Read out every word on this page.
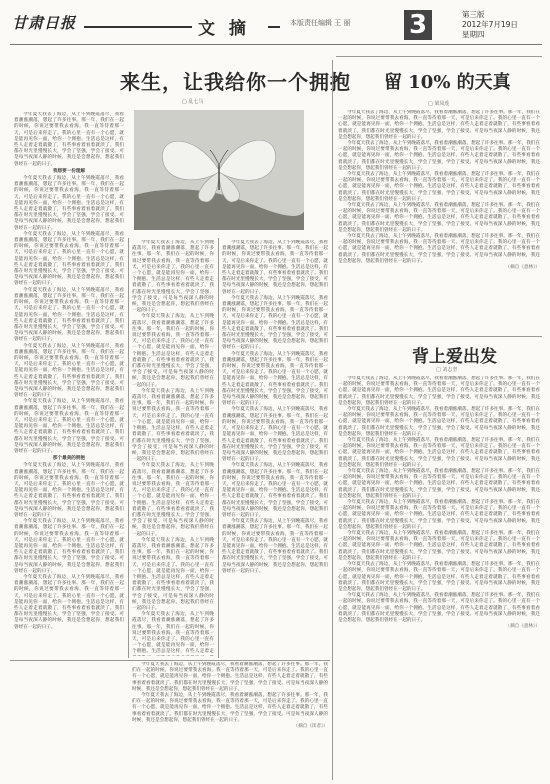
甘肃日报	文 摘	本版责任编辑 王 丽 3	第三版
2012年7月19日
星期四
来生，让我给你一个拥抱
□ 乱七马

今年夏天我去了海边，从上午到晚霞落尽，我看着潮涨潮落，想起了许多往事。那一年，我们在一起的时候，你说过要带我去看海，我一直等待着那一天，可是后来你走了。我的心里一直有一个心愿，就是能再见你一面，给你一个拥抱。生活总是这样，有些人走着走着就散了，有些事看着看着就淡了。我们都在时光里慢慢长大，学会了坚强，学会了接受。可是每当夜深人静的时候，我还是会想起你，想起我们曾经在一起的日子。

我想要一份理解

今年夏天我去了海边，从上午到晚霞落尽，我看着潮涨潮落，想起了许多往事。那一年，我们在一起的时候，你说过要带我去看海，我一直等待着那一天，可是后来你走了。我的心里一直有一个心愿，就是能再见你一面，给你一个拥抱。生活总是这样，有些人走着走着就散了，有些事看着看着就淡了。我们都在时光里慢慢长大，学会了坚强，学会了接受。可是每当夜深人静的时候，我还是会想起你，想起我们曾经在一起的日子。

今年夏天我去了海边，从上午到晚霞落尽，我看着潮涨潮落，想起了许多往事。那一年，我们在一起的时候，你说过要带我去看海，我一直等待着那一天，可是后来你走了。我的心里一直有一个心愿，就是能再见你一面，给你一个拥抱。生活总是这样，有些人走着走着就散了，有些事看着看着就淡了。我们都在时光里慢慢长大，学会了坚强，学会了接受。可是每当夜深人静的时候，我还是会想起你，想起我们曾经在一起的日子。

今年夏天我去了海边，从上午到晚霞落尽，我看着潮涨潮落，想起了许多往事。那一年，我们在一起的时候，你说过要带我去看海，我一直等待着那一天，可是后来你走了。我的心里一直有一个心愿，就是能再见你一面，给你一个拥抱。生活总是这样，有些人走着走着就散了，有些事看着看着就淡了。我们都在时光里慢慢长大，学会了坚强，学会了接受。可是每当夜深人静的时候，我还是会想起你，想起我们曾经在一起的日子。

今年夏天我去了海边，从上午到晚霞落尽，我看着潮涨潮落，想起了许多往事。那一年，我们在一起的时候，你说过要带我去看海，我一直等待着那一天，可是后来你走了。我的心里一直有一个心愿，就是能再见你一面，给你一个拥抱。生活总是这样，有些人走着走着就散了，有些事看着看着就淡了。我们都在时光里慢慢长大，学会了坚强，学会了接受。可是每当夜深人静的时候，我还是会想起你，想起我们曾经在一起的日子。

今年夏天我去了海边，从上午到晚霞落尽，我看着潮涨潮落，想起了许多往事。那一年，我们在一起的时候，你说过要带我去看海，我一直等待着那一天，可是后来你走了。我的心里一直有一个心愿，就是能再见你一面，给你一个拥抱。生活总是这样，有些人走着走着就散了，有些事看着看着就淡了。我们都在时光里慢慢长大，学会了坚强，学会了接受。可是每当夜深人静的时候，我还是会想起你，想起我们曾经在一起的日子。

那个最美的拥抱

今年夏天我去了海边，从上午到晚霞落尽，我看着潮涨潮落，想起了许多往事。那一年，我们在一起的时候，你说过要带我去看海，我一直等待着那一天，可是后来你走了。我的心里一直有一个心愿，就是能再见你一面，给你一个拥抱。生活总是这样，有些人走着走着就散了，有些事看着看着就淡了。我们都在时光里慢慢长大，学会了坚强，学会了接受。可是每当夜深人静的时候，我还是会想起你，想起我们曾经在一起的日子。

今年夏天我去了海边，从上午到晚霞落尽，我看着潮涨潮落，想起了许多往事。那一年，我们在一起的时候，你说过要带我去看海，我一直等待着那一天，可是后来你走了。我的心里一直有一个心愿，就是能再见你一面，给你一个拥抱。生活总是这样，有些人走着走着就散了，有些事看着看着就淡了。我们都在时光里慢慢长大，学会了坚强，学会了接受。可是每当夜深人静的时候，我还是会想起你，想起我们曾经在一起的日子。

今年夏天我去了海边，从上午到晚霞落尽，我看着潮涨潮落，想起了许多往事。那一年，我们在一起的时候，你说过要带我去看海，我一直等待着那一天，可是后来你走了。我的心里一直有一个心愿，就是能再见你一面，给你一个拥抱。生活总是这样，有些人走着走着就散了，有些事看着看着就淡了。我们都在时光里慢慢长大，学会了坚强，学会了接受。可是每当夜深人静的时候，我还是会想起你，想起我们曾经在一起的日子。

今年夏天我去了海边，从上午到晚霞落尽，我看着潮涨潮落，想起了许多往事。那一年，我们在一起的时候，你说过要带我去看海，我一直等待着那一天，可是后来你走了。我的心里一直有一个心愿，就是能再见你一面，给你一个拥抱。生活总是这样，有些人走着走着就散了，有些事看着看着就淡了。我们都在时光里慢慢长大，学会了坚强，学会了接受。可是每当夜深人静的时候，我还是会想起你，想起我们曾经在一起的日子。

今年夏天我去了海边，从上午到晚霞落尽，我看着潮涨潮落，想起了许多往事。那一年，我们在一起的时候，你说过要带我去看海，我一直等待着那一天，可是后来你走了。我的心里一直有一个心愿，就是能再见你一面，给你一个拥抱。生活总是这样，有些人走着走着就散了，有些事看着看着就淡了。我们都在时光里慢慢长大，学会了坚强，学会了接受。可是每当夜深人静的时候，我还是会想起你，想起我们曾经在一起的日子。

今年夏天我去了海边，从上午到晚霞落尽，我看着潮涨潮落，想起了许多往事。那一年，我们在一起的时候，你说过要带我去看海，我一直等待着那一天，可是后来你走了。我的心里一直有一个心愿，就是能再见你一面，给你一个拥抱。生活总是这样，有些人走着走着就散了，有些事看着看着就淡了。我们都在时光里慢慢长大，学会了坚强，学会了接受。可是每当夜深人静的时候，我还是会想起你，想起我们曾经在一起的日子。

今年夏天我去了海边，从上午到晚霞落尽，我看着潮涨潮落，想起了许多往事。那一年，我们在一起的时候，你说过要带我去看海，我一直等待着那一天，可是后来你走了。我的心里一直有一个心愿，就是能再见你一面，给你一个拥抱。生活总是这样，有些人走着走着就散了，有些事看着看着就淡了。我们都在时光里慢慢长大，学会了坚强，学会了接受。可是每当夜深人静的时候，我还是会想起你，想起我们曾经在一起的日子。

今年夏天我去了海边，从上午到晚霞落尽，我看着潮涨潮落，想起了许多往事。那一年，我们在一起的时候，你说过要带我去看海，我一直等待着那一天，可是后来你走了。我的心里一直有一个心愿，就是能再见你一面，给你一个拥抱。生活总是这样，有些人走着走着就散了，有些事看着看着就淡了。我们都在时光里慢慢长大，学会了坚强，学会了接受。可是每当夜深人静的时候，我还是会想起你，想起我们曾经在一起的日子。

今年夏天我去了海边，从上午到晚霞落尽，我看着潮涨潮落，想起了许多往事。那一年，我们在一起的时候，你说过要带我去看海，我一直等待着那一天，可是后来你走了。我的心里一直有一个心愿，就是能再见你一面，给你一个拥抱。生活总是这样，有些人走着走

今年夏天我去了海边，从上午到晚霞落尽，我看着潮涨潮落，想起了许多往事。那一年，我们在一起的时候，你说过要带我去看海，我一直等待着那一天，可是后来你走了。我的心里一直有一个心愿，就是能再见你一面，给你一个拥抱。生活总是这样，有些人走着走着就散了，有些事看着看着就淡了。我们都在时光里慢慢长大，学会了坚强，学会了接受。可是每当夜深人静的时候，我还是会想起你，想起我们曾经在一起的日子。

今年夏天我去了海边，从上午到晚霞落尽，我看着潮涨潮落，想起了许多往事。那一年，我们在一起的时候，你说过要带我去看海，我一直等待着那一天，可是后来你走了。我的心里一直有一个心愿，就是能再见你一面，给你一个拥抱。生活总是这样，有些人走着走着就散了，有些事看着看着就淡了。我们都在时光里慢慢长大，学会了坚强，学会了接受。可是每当夜深人静的时候，我还是会想起你，想起我们曾经在一起的日子。

今年夏天我去了海边，从上午到晚霞落尽，我看着潮涨潮落，想起了许多往事。那一年，我们在一起的时候，你说过要带我去看海，我一直等待着那一天，可是后来你走了。我的心里一直有一个心愿，就是能再见你一面，给你一个拥抱。生活总是这样，有些人走着走着就散了，有些事看着看着就淡了。我们都在时光里慢慢长大，学会了坚强，学会了接受。可是每当夜深人静的时候，我还是会想起你，想起我们曾经在一起的日子。

今年夏天我去了海边，从上午到晚霞落尽，我看着潮涨潮落，想起了许多往事。那一年，我们在一起的时候，你说过要带我去看海，我一直等待着那一天，可是后来你走了。我的心里一直有一个心愿，就是能再见你一面，给你一个拥抱。生活总是这样，有些人走着走着就散了，有些事看着看着就淡了。我们都在时光里慢慢长大，学会了坚强，学会了接受。可是每当夜深人静的时候，我还是会想起你，想起我们曾经在一起的日子。

今年夏天我去了海边，从上午到晚霞落尽，我看着潮涨潮落，想起了许多往事。那一年，我们在一起的时候，你说过要带我去看海，我一直等待着那一天，可是后来你走了。我的心里一直有一个心愿，就是能再见你一面，给你一个拥抱。生活总是这样，有些人走着走着就散了，有些事看着看着就淡了。我们都在时光里慢慢长大，学会了坚强，学会了接受。可是每当夜深人静的时候，我还是会想起你，想起我们曾经在一起的日子。

今年夏天我去了海边，从上午到晚霞落尽，我看着潮涨潮落，想起了许多往事。那一年，我们在一起的时候，你说过要带我去看海，我一直等待着那一天，可是后来你走了。我的心里一直有一个心愿，就是能再见你一面，给你一个拥抱。生活总是这样，有些人走着走着就散了，有些事看着看着就淡了。我们都在时光里慢慢长大，学会了坚强，学会了接受。可是每当夜深人静的时候，我还是会想起你，想起我们曾经在一起的日子。

今年夏天我去了海边，从上午到晚霞落尽，我看着潮涨潮落，想起了许多往事。那一年，我们在一起的时候，你说过要带我去看海，我一直等待着那一天，可是后来你走了。我的心里一直有一个心愿，就是能再见你一面，给你一个拥抱。生活总是这样，有些人走着走着就散了，有些事看着看着就淡了。我们都在时光里慢慢长大，学会了坚强，学会了接受。可是每当夜深人静的时候，我还是会想起你，想起我们曾经在一起的日子。

今年夏天我去了海边，从上午到晚霞落尽，我看着潮涨潮落，想起了许多往事。那一年，我们在一起的时候，你说过要带我去看海，我一直等待着那一天，可是后来你走了。我的心里一直有一个心愿，就是能再见你一面，给你一个拥抱。生活总是这样，有些人走着走着就散了，有些事看着看着就淡了。我们都在时光里慢慢长大，学会了坚强，学会了接受。可是每当夜深人静的时候，我还是会想起你，想起我们曾经在一起的日子。

（摘自《读者》）

留 10% 的天真
□ 梁凤莲

今年夏天我去了海边，从上午到晚霞落尽，我看着潮涨潮落，想起了许多往事。那一年，我们在一起的时候，你说过要带我去看海，我一直等待着那一天，可是后来你走了。我的心里一直有一个心愿，就是能再见你一面，给你一个拥抱。生活总是这样，有些人走着走着就散了，有些事看着看着就淡了。我们都在时光里慢慢长大，学会了坚强，学会了接受。可是每当夜深人静的时候，我还是会想起你，想起我们曾经在一起的日子。

今年夏天我去了海边，从上午到晚霞落尽，我看着潮涨潮落，想起了许多往事。那一年，我们在一起的时候，你说过要带我去看海，我一直等待着那一天，可是后来你走了。我的心里一直有一个心愿，就是能再见你一面，给你一个拥抱。生活总是这样，有些人走着走着就散了，有些事看着看着就淡了。我们都在时光里慢慢长大，学会了坚强，学会了接受。可是每当夜深人静的时候，我还是会想起你，想起我们曾经在一起的日子。

今年夏天我去了海边，从上午到晚霞落尽，我看着潮涨潮落，想起了许多往事。那一年，我们在一起的时候，你说过要带我去看海，我一直等待着那一天，可是后来你走了。我的心里一直有一个心愿，就是能再见你一面，给你一个拥抱。生活总是这样，有些人走着走着就散了，有些事看着看着就淡了。我们都在时光里慢慢长大，学会了坚强，学会了接受。可是每当夜深人静的时候，我还是会想起你，想起我们曾经在一起的日子。

今年夏天我去了海边，从上午到晚霞落尽，我看着潮涨潮落，想起了许多往事。那一年，我们在一起的时候，你说过要带我去看海，我一直等待着那一天，可是后来你走了。我的心里一直有一个心愿，就是能再见你一面，给你一个拥抱。生活总是这样，有些人走着走着就散了，有些事看着看着就淡了。我们都在时光里慢慢长大，学会了坚强，学会了接受。可是每当夜深人静的时候，我还是会想起你，想起我们曾经在一起的日子。

今年夏天我去了海边，从上午到晚霞落尽，我看着潮涨潮落，想起了许多往事。那一年，我们在一起的时候，你说过要带我去看海，我一直等待着那一天，可是后来你走了。我的心里一直有一个心愿，就是能再见你一面，给你一个拥抱。生活总是这样，有些人走着走着就散了，有些事看着看着就淡了。我们都在时光里慢慢长大，学会了坚强，学会了接受。可是每当夜深人静的时候，我还是会想起你，想起我们曾经在一起的日子。

（摘自《意林》）

背上爱出发
□ 刘志坚

今年夏天我去了海边，从上午到晚霞落尽，我看着潮涨潮落，想起了许多往事。那一年，我们在一起的时候，你说过要带我去看海，我一直等待着那一天，可是后来你走了。我的心里一直有一个心愿，就是能再见你一面，给你一个拥抱。生活总是这样，有些人走着走着就散了，有些事看着看着就淡了。我们都在时光里慢慢长大，学会了坚强，学会了接受。可是每当夜深人静的时候，我还是会想起你，想起我们曾经在一起的日子。

今年夏天我去了海边，从上午到晚霞落尽，我看着潮涨潮落，想起了许多往事。那一年，我们在一起的时候，你说过要带我去看海，我一直等待着那一天，可是后来你走了。我的心里一直有一个心愿，就是能再见你一面，给你一个拥抱。生活总是这样，有些人走着走着就散了，有些事看着看着就淡了。我们都在时光里慢慢长大，学会了坚强，学会了接受。可是每当夜深人静的时候，我还是会想起你，想起我们曾经在一起的日子。

今年夏天我去了海边，从上午到晚霞落尽，我看着潮涨潮落，想起了许多往事。那一年，我们在一起的时候，你说过要带我去看海，我一直等待着那一天，可是后来你走了。我的心里一直有一个心愿，就是能再见你一面，给你一个拥抱。生活总是这样，有些人走着走着就散了，有些事看着看着就淡了。我们都在时光里慢慢长大，学会了坚强，学会了接受。可是每当夜深人静的时候，我还是会想起你，想起我们曾经在一起的日子。

今年夏天我去了海边，从上午到晚霞落尽，我看着潮涨潮落，想起了许多往事。那一年，我们在一起的时候，你说过要带我去看海，我一直等待着那一天，可是后来你走了。我的心里一直有一个心愿，就是能再见你一面，给你一个拥抱。生活总是这样，有些人走着走着就散了，有些事看着看着就淡了。我们都在时光里慢慢长大，学会了坚强，学会了接受。可是每当夜深人静的时候，我还是会想起你，想起我们曾经在一起的日子。

今年夏天我去了海边，从上午到晚霞落尽，我看着潮涨潮落，想起了许多往事。那一年，我们在一起的时候，你说过要带我去看海，我一直等待着那一天，可是后来你走了。我的心里一直有一个心愿，就是能再见你一面，给你一个拥抱。生活总是这样，有些人走着走着就散了，有些事看着看着就淡了。我们都在时光里慢慢长大，学会了坚强，学会了接受。可是每当夜深人静的时候，我还是会想起你，想起我们曾经在一起的日子。

今年夏天我去了海边，从上午到晚霞落尽，我看着潮涨潮落，想起了许多往事。那一年，我们在一起的时候，你说过要带我去看海，我一直等待着那一天，可是后来你走了。我的心里一直有一个心愿，就是能再见你一面，给你一个拥抱。生活总是这样，有些人走着走着就散了，有些事看着看着就淡了。我们都在时光里慢慢长大，学会了坚强，学会了接受。可是每当夜深人静的时候，我还是会想起你，想起我们曾经在一起的日子。

今年夏天我去了海边，从上午到晚霞落尽，我看着潮涨潮落，想起了许多往事。那一年，我们在一起的时候，你说过要带我去看海，我一直等待着那一天，可是后来你走了。我的心里一直有一个心愿，就是能再见你一面，给你一个拥抱。生活总是这样，有些人走着走着就散了，有些事看着看着就淡了。我们都在时光里慢慢长大，学会了坚强，学会了接受。可是每当夜深人静的时候，我还是会想起你，想起我们曾经在一起的日子。

今年夏天我去了海边，从上午到晚霞落尽，我看着潮涨潮落，想起了许多往事。那一年，我们在一起的时候，你说过要带我去看海，我一直等待着那一天，可是后来你走了。我的心里一直有一个心愿，就是能再见你一面，给你一个拥抱。生活总是这样，有些人走着走着就散了，有些事看着看着就淡了。我们都在时光里慢慢长大，学会了坚强，学会了接受。可是每当夜深人静的时候，我还是会想起你，想起我们曾经在一起的日子。

（摘自《意林》）
